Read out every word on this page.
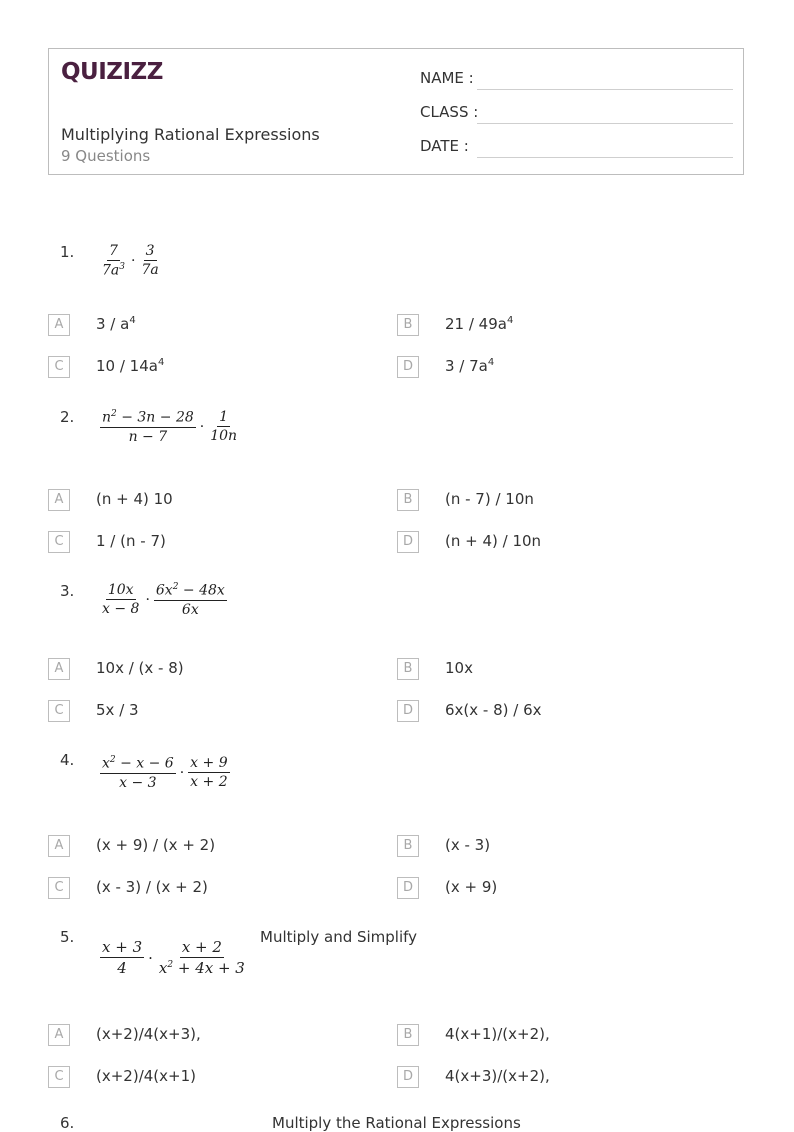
QUIZIZZ
Multiplying Rational Expressions
9 Questions
NAME :
CLASS :
DATE :
1. $\frac{7}{7a^3} \cdot \frac{3}{7a}$
A	$3 / a^4$	B	$21 / 49a^4$
C	$10 / 14a^4$	D	$3 / 7a^4$
2. $\frac{n^2 - 3n - 28}{n - 7} \cdot \frac{1}{10n}$
A	(n + 4) 10	B	(n - 7) / 10n
C	1 / (n - 7)	D	(n + 4) / 10n
3. $\frac{10x}{x - 8} \cdot \frac{6x^2 - 48x}{6x}$
A	10x / (x - 8)	B	10x
C	5x / 3	D	6x(x - 8) / 6x
4. $\frac{x^2 - x - 6}{x - 3} \cdot \frac{x + 9}{x + 2}$
A	(x + 9) / (x + 2)	B	(x - 3)
C	(x - 3) / (x + 2)	D	(x + 9)
5.
$\frac{x + 3}{4} \cdot \frac{x + 2}{x^2 + 4x + 3}$
Multiply and Simplify
A	(x+2)/4(x+3),	B	4(x+1)/(x+2),
C	(x+2)/4(x+1)	D	4(x+3)/(x+2),
6.	Multiply the Rational Expressions
